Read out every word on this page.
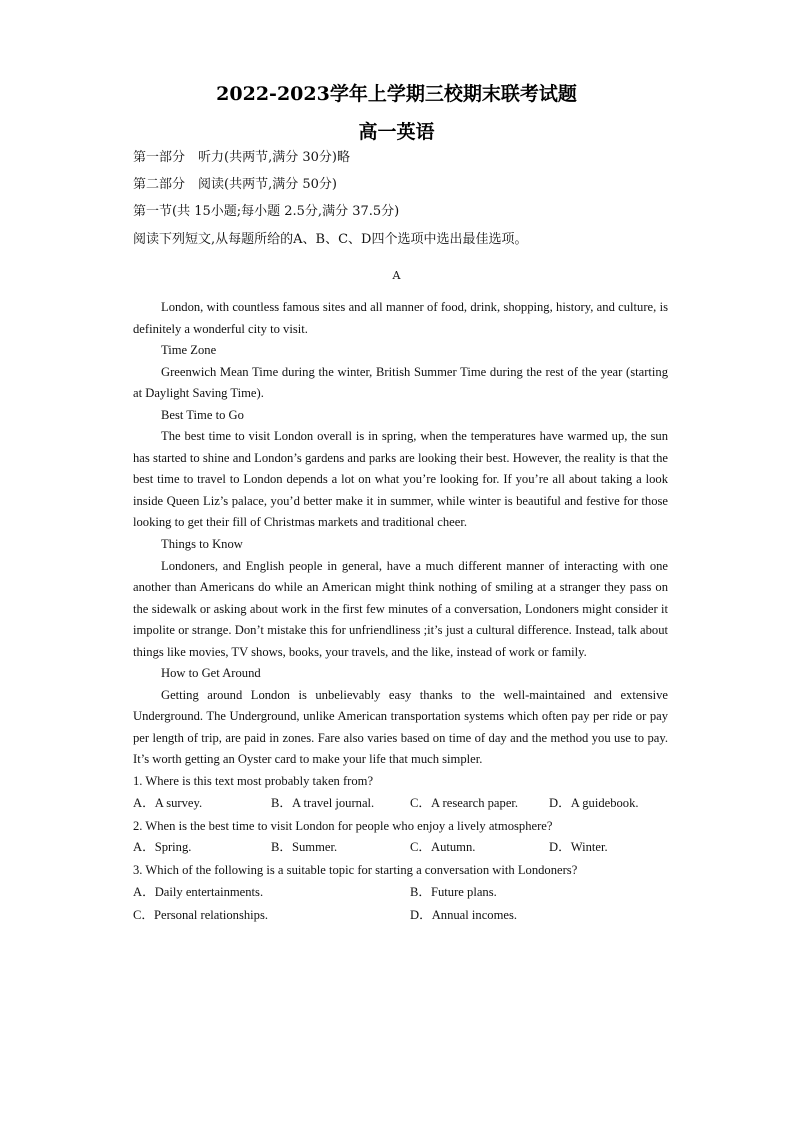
2022-2023学年上学期三校期末联考试题
高一英语
第一部分　听力(共两节,满分 30分)略
第二部分　阅读(共两节,满分 50分)
第一节(共 15小题;每小题 2.5分,满分 37.5分)
阅读下列短文,从每题所给的A、B、C、D四个选项中选出最佳选项。
A

London, with countless famous sites and all manner of food, drink, shopping, history, and culture, is definitely a wonderful city to visit.

Time Zone

Greenwich Mean Time during the winter, British Summer Time during the rest of the year (starting at Daylight Saving Time).

Best Time to Go

The best time to visit London overall is in spring, when the temperatures have warmed up, the sun has started to shine and London’s gardens and parks are looking their best. However, the reality is that the best time to travel to London depends a lot on what you’re looking for. If you’re all about taking a look inside Queen Liz’s palace, you’d better make it in summer, while winter is beautiful and festive for those looking to get their fill of Christmas markets and traditional cheer.

Things to Know

Londoners, and English people in general, have a much different manner of interacting with one another than Americans do while an American might think nothing of smiling at a stranger they pass on the sidewalk or asking about work in the first few minutes of a conversation, Londoners might consider it impolite or strange. Don’t mistake this for unfriendliness ;it’s just a cultural difference. Instead, talk about things like movies, TV shows, books, your travels, and the like, instead of work or family.

How to Get Around

Getting around London is unbelievably easy thanks to the well-maintained and extensive Underground. The Underground, unlike American transportation systems which often pay per ride or pay per length of trip, are paid in zones. Fare also varies based on time of day and the method you use to pay. It’s worth getting an Oyster card to make your life that much simpler.

1. Where is this text most probably taken from?

A．A survey.	B．A travel journal.	C．A research paper. D．A guidebook.

2. When is the best time to visit London for people who enjoy a lively atmosphere?

A．Spring.	B．Summer.	C．Autumn.	D．Winter.

3. Which of the following is a suitable topic for starting a conversation with Londoners?

A．Daily entertainments.	B．Future plans.
C．Personal relationships.	D．Annual incomes.
